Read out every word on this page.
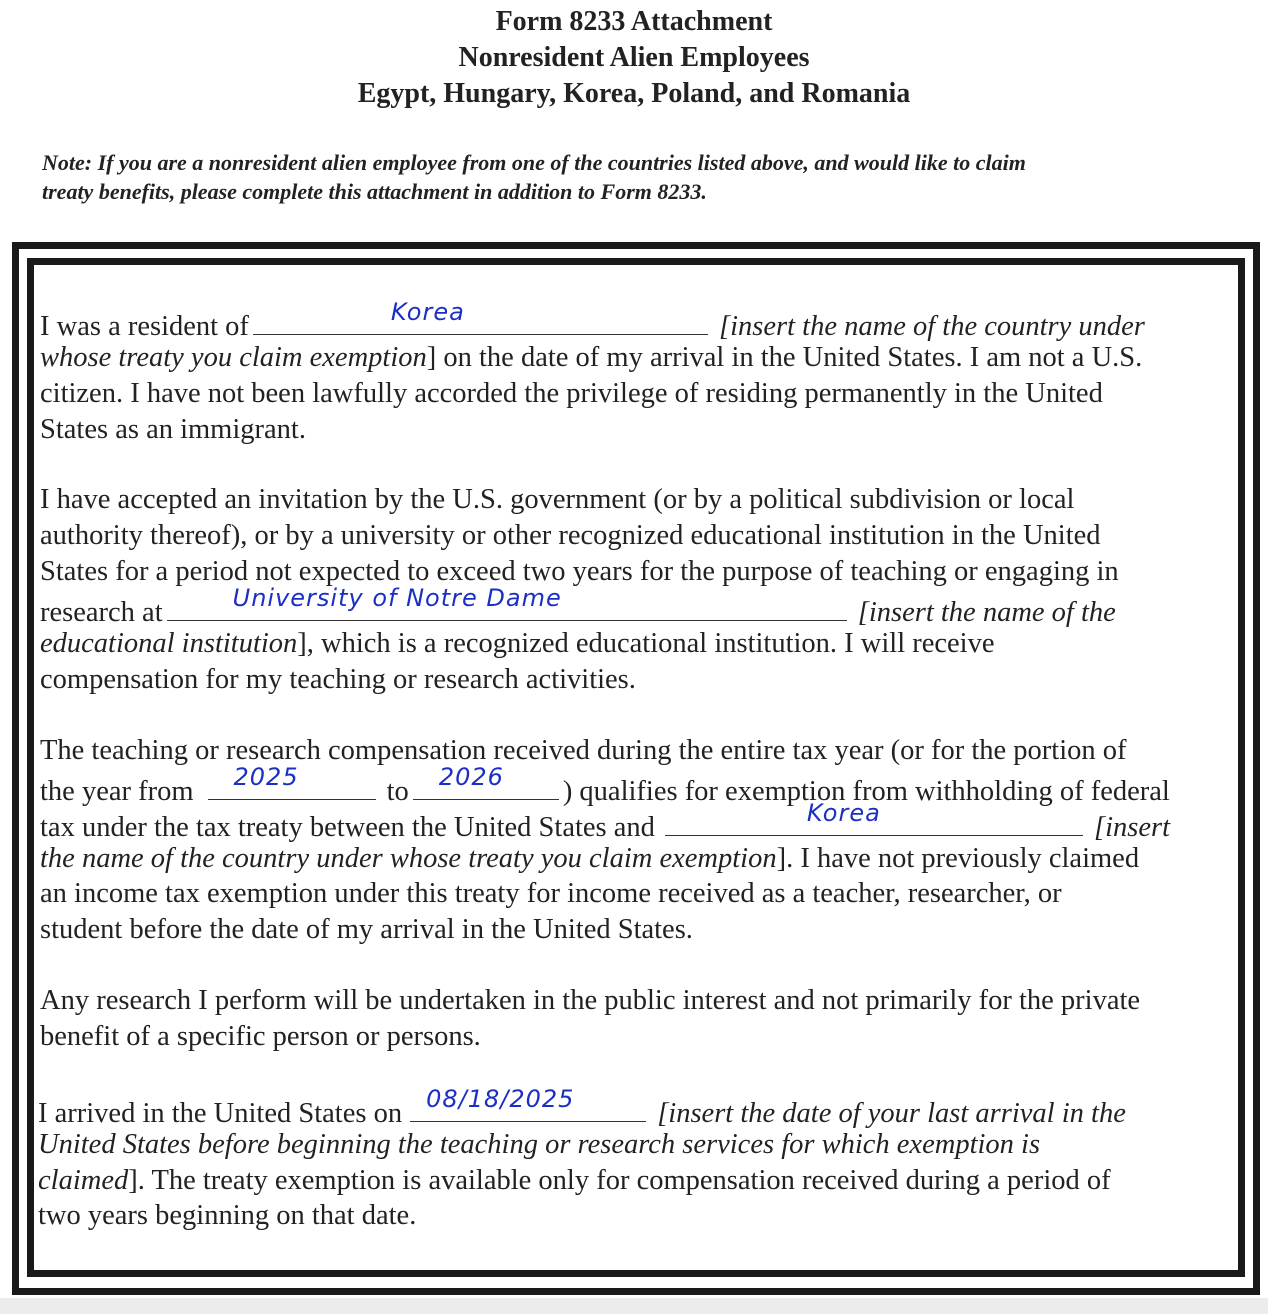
Form 8233 Attachment
Nonresident Alien Employees
Egypt, Hungary, Korea, Poland, and Romania
Note: If you are a nonresident alien employee from one of the countries listed above, and would like to claim
treaty benefits, please complete this attachment in addition to Form 8233.
I was a resident of	Korea	[insert the name of the country under
whose treaty you claim exemption] on the date of my arrival in the United States. I am not a U.S.
citizen. I have not been lawfully accorded the privilege of residing permanently in the United
States as an immigrant.
I have accepted an invitation by the U.S. government (or by a political subdivision or local
authority thereof), or by a university or other recognized educational institution in the United
States for a period not expected to exceed two years for the purpose of teaching or engaging in
research at	University of Notre Dame	[insert the name of the
educational institution], which is a recognized educational institution. I will receive
compensation for my teaching or research activities.
The teaching or research compensation received during the entire tax year (or for the portion of
the year from 2025	to 2026 ) qualifies for exemption from withholding of federal
tax under the tax treaty between the United States and	Korea	[insert
the name of the country under whose treaty you claim exemption]. I have not previously claimed
an income tax exemption under this treaty for income received as a teacher, researcher, or
student before the date of my arrival in the United States.
Any research I perform will be undertaken in the public interest and not primarily for the private
benefit of a specific person or persons.
I arrived in the United States on 08/18/2025	[insert the date of your last arrival in the
United States before beginning the teaching or research services for which exemption is
claimed]. The treaty exemption is available only for compensation received during a period of
two years beginning on that date.
